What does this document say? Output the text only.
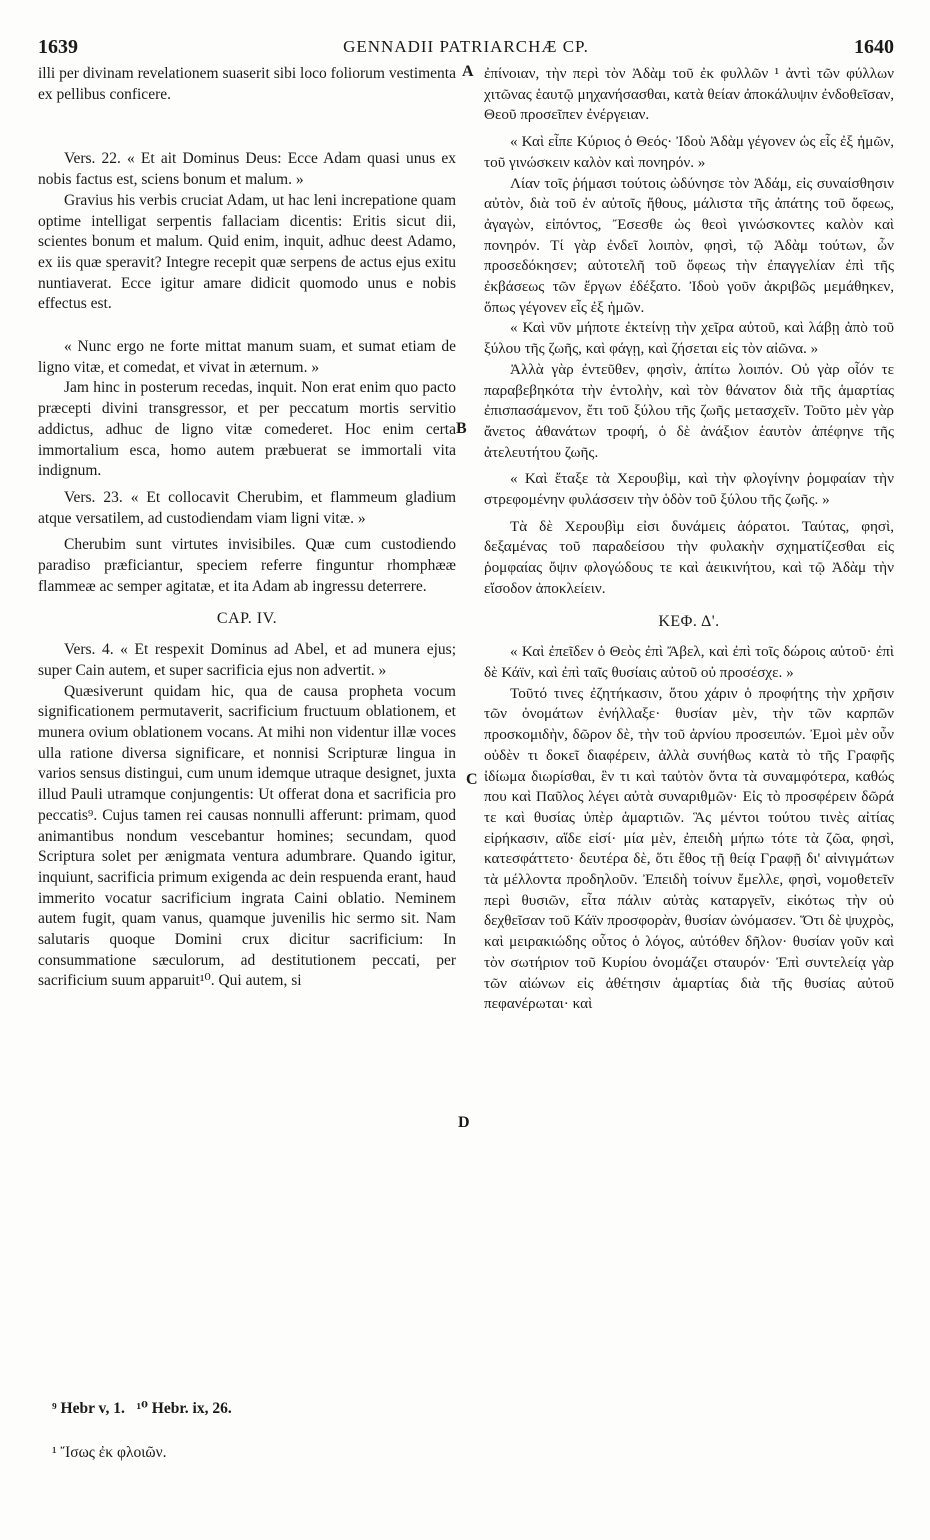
1639	GENNADII PATRIARCHÆ CP.	1640
A
B
C
D

illi per divinam revelationem suaserit sibi loco foliorum vestimenta ex pellibus conficere.

Vers. 22. « Et ait Dominus Deus: Ecce Adam quasi unus ex nobis factus est, sciens bonum et malum. »

Gravius his verbis cruciat Adam, ut hac leni increpatione quam optime intelligat serpentis fallaciam dicentis: Eritis sicut dii, scientes bonum et malum. Quid enim, inquit, adhuc deest Adamo, ex iis quæ speravit? Integre recepit quæ serpens de actus ejus exitu nuntiaverat. Ecce igitur amare didicit quomodo unus e nobis effectus est.

« Nunc ergo ne forte mittat manum suam, et sumat etiam de ligno vitæ, et comedat, et vivat in æternum. »

Jam hinc in posterum recedas, inquit. Non erat enim quo pacto præcepti divini transgressor, et per peccatum mortis servitio addictus, adhuc de ligno vitæ comederet. Hoc enim certa immortalium esca, homo autem præbuerat se immortali vita indignum.

Vers. 23. « Et collocavit Cherubim, et flammeum gladium atque versatilem, ad custodiendam viam ligni vitæ. »

Cherubim sunt virtutes invisibiles. Quæ cum custodiendo paradiso præficiantur, speciem referre finguntur rhomphææ flammeæ ac semper agitatæ, et ita Adam ab ingressu deterrere.

CAP. IV.

Vers. 4. « Et respexit Dominus ad Abel, et ad munera ejus; super Cain autem, et super sacrificia ejus non advertit. »

Quæsiverunt quidam hic, qua de causa propheta vocum significationem permutaverit, sacrificium fructuum oblationem, et munera ovium oblationem vocans. At mihi non videntur illæ voces ulla ratione diversa significare, et nonnisi Scripturæ lingua in varios sensus distingui, cum unum idemque utraque designet, juxta illud Pauli utramque conjungentis: Ut offerat dona et sacrificia pro peccatis⁹. Cujus tamen rei causas nonnulli afferunt: primam, quod animantibus nondum vescebantur homines; secundam, quod Scriptura solet per ænigmata ventura adumbrare. Quando igitur, inquiunt, sacrificia primum exigenda ac dein respuenda erant, haud immerito vocatur sacrificium ingrata Caini oblatio. Neminem autem fugit, quam vanus, quamque juvenilis hic sermo sit. Nam salutaris quoque Domini crux dicitur sacrificium: In consummatione sæculorum, ad destitutionem peccati, per sacrificium suum apparuit¹⁰. Qui autem, si

ἐπίνοιαν, τὴν περὶ τὸν Ἀδὰμ τοῦ ἐκ φυλλῶν ¹ ἀντὶ τῶν φύλλων χιτῶνας ἑαυτῷ μηχανήσασθαι, κατὰ θείαν ἀποκάλυψιν ἐνδοθεῖσαν, Θεοῦ προσεῖπεν ἐνέργειαν.

« Καὶ εἶπε Κύριος ὁ Θεός· Ἰδοὺ Ἀδὰμ γέγονεν ὡς εἷς ἐξ ἡμῶν, τοῦ γινώσκειν καλὸν καὶ πονηρόν. »

Λίαν τοῖς ῥήμασι τούτοις ὠδύνησε τὸν Ἀδάμ, εἰς συναίσθησιν αὐτὸν, διὰ τοῦ ἐν αὐτοῖς ἤθους, μάλιστα τῆς ἀπάτης τοῦ ὄφεως, ἀγαγὼν, εἰπόντος, Ἔσεσθε ὡς θεοὶ γινώσκοντες καλὸν καὶ πονηρόν. Τί γὰρ ἐνδεῖ λοιπὸν, φησὶ, τῷ Ἀδὰμ τούτων, ὧν προσεδόκησεν; αὐτοτελῆ τοῦ ὄφεως τὴν ἐπαγγελίαν ἐπὶ τῆς ἐκβάσεως τῶν ἔργων ἐδέξατο. Ἰδοὺ γοῦν ἀκριβῶς μεμάθηκεν, ὅπως γέγονεν εἷς ἐξ ἡμῶν.

« Καὶ νῦν μήποτε ἐκτείνῃ τὴν χεῖρα αὐτοῦ, καὶ λάβῃ ἀπὸ τοῦ ξύλου τῆς ζωῆς, καὶ φάγῃ, καὶ ζήσεται εἰς τὸν αἰῶνα. »

Ἀλλὰ γὰρ ἐντεῦθεν, φησὶν, ἀπίτω λοιπόν. Οὐ γὰρ οἷόν τε παραβεβηκότα τὴν ἐντολὴν, καὶ τὸν θάνατον διὰ τῆς ἁμαρτίας ἐπισπασάμενον, ἔτι τοῦ ξύλου τῆς ζωῆς μετασχεῖν. Τοῦτο μὲν γὰρ ἄνετος ἀθανάτων τροφή, ὁ δὲ ἀνάξιον ἑαυτὸν ἀπέφηνε τῆς ἀτελευτήτου ζωῆς.

« Καὶ ἔταξε τὰ Χερουβὶμ, καὶ τὴν φλογίνην ῥομφαίαν τὴν στρεφομένην φυλάσσειν τὴν ὁδὸν τοῦ ξύλου τῆς ζωῆς. »

Τὰ δὲ Χερουβὶμ εἰσι δυνάμεις ἀόρατοι. Ταύτας, φησὶ, δεξαμένας τοῦ παραδείσου τὴν φυλακὴν σχηματίζεσθαι εἰς ῥομφαίας ὄψιν φλογώδους τε καὶ ἀεικινήτου, καὶ τῷ Ἀδὰμ τὴν εἴσοδον ἀποκλείειν.

ΚΕΦ. Δ'.

« Καὶ ἐπεῖδεν ὁ Θεὸς ἐπὶ Ἄβελ, καὶ ἐπὶ τοῖς δώροις αὐτοῦ· ἐπὶ δὲ Κάϊν, καὶ ἐπὶ ταῖς θυσίαις αὐτοῦ οὐ προσέσχε. »

Τοῦτό τινες ἐζητήκασιν, ὅτου χάριν ὁ προφήτης τὴν χρῆσιν τῶν ὀνομάτων ἐνήλλαξε· θυσίαν μὲν, τὴν τῶν καρπῶν προσκομιδὴν, δῶρον δὲ, τὴν τοῦ ἀρνίου προσειπών. Ἐμοὶ μὲν οὖν οὐδὲν τι δοκεῖ διαφέρειν, ἀλλὰ συνήθως κατὰ τὸ τῆς Γραφῆς ἰδίωμα διωρίσθαι, ἓν τι καὶ ταὐτὸν ὄντα τὰ συναμφότερα, καθώς που καὶ Παῦλος λέγει αὐτὰ συναριθμῶν· Εἰς τὸ προσφέρειν δῶρά τε καὶ θυσίας ὑπὲρ ἁμαρτιῶν. Ἃς μέντοι τούτου τινὲς αἰτίας εἰρήκασιν, αἵδε εἰσί· μία μὲν, ἐπειδὴ μήπω τότε τὰ ζῶα, φησὶ, κατεσφάττετο· δευτέρα δὲ, ὅτι ἔθος τῇ θείᾳ Γραφῇ δι' αἰνιγμάτων τὰ μέλλοντα προδηλοῦν. Ἐπειδὴ τοίνυν ἔμελλε, φησὶ, νομοθετεῖν περὶ θυσιῶν, εἶτα πάλιν αὐτὰς καταργεῖν, εἰκότως τὴν οὐ δεχθεῖσαν τοῦ Κάϊν προσφορὰν, θυσίαν ὠνόμασεν. Ὅτι δὲ ψυχρὸς, καὶ μειρακιώδης οὗτος ὁ λόγος, αὐτόθεν δῆλον· θυσίαν γοῦν καὶ τὸν σωτήριον τοῦ Κυρίου ὀνομάζει σταυρόν· Ἐπὶ συντελείᾳ γὰρ τῶν αἰώνων εἰς ἀθέτησιν ἁμαρτίας διὰ τῆς θυσίας αὐτοῦ πεφανέρωται· καὶ

⁹ Hebr v, 1.   ¹⁰ Hebr. ix, 26.
¹ Ἴσως ἐκ φλοιῶν.
